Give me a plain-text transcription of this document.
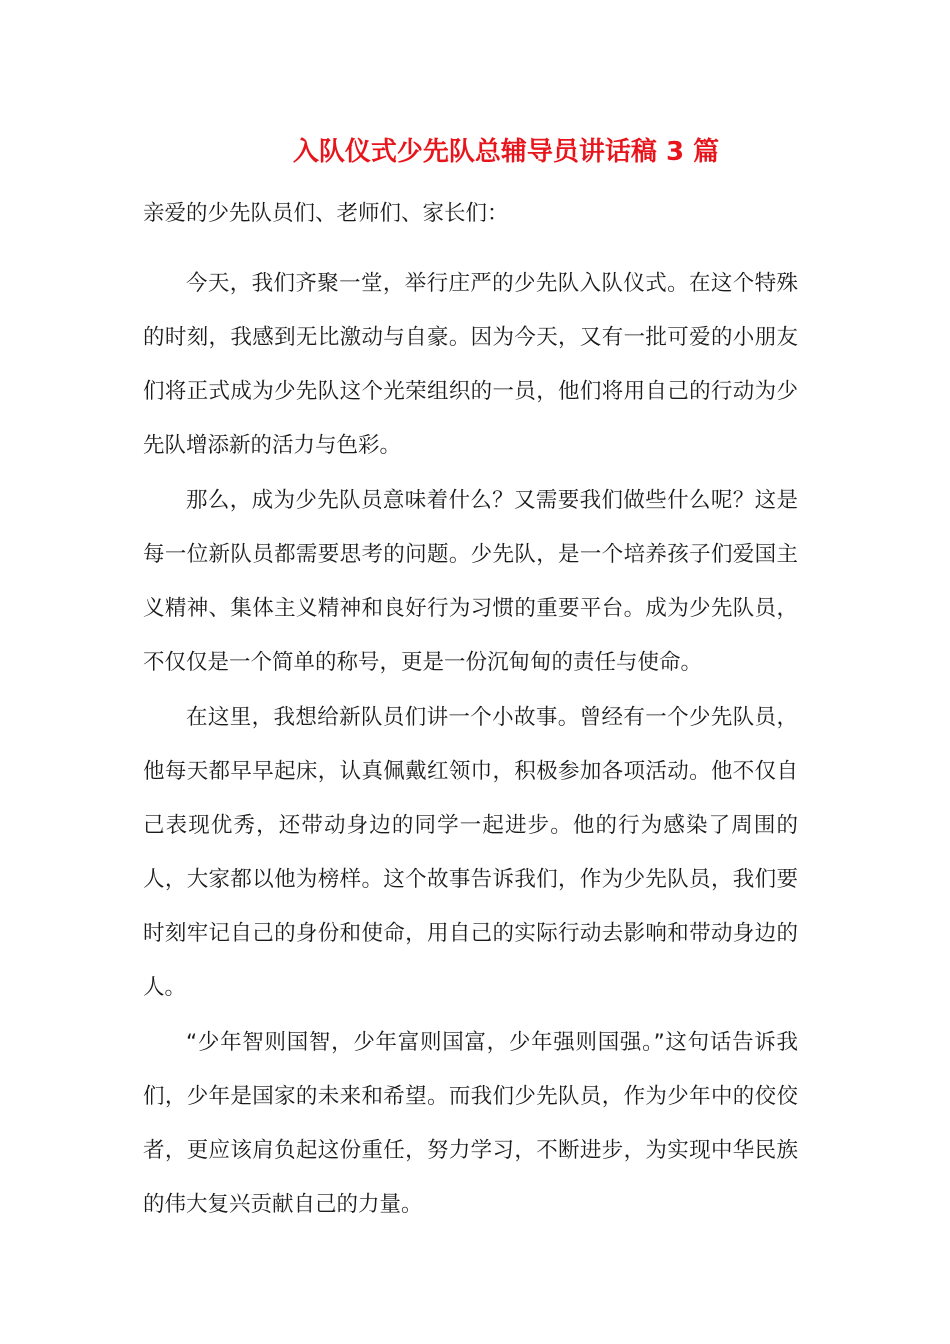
入队仪式少先队总辅导员讲话稿 3 篇

亲爱的少先队员们、老师们、家长们：

今天，我们齐聚一堂，举行庄严的少先队入队仪式。在这个特殊的时刻，我感到无比激动与自豪。因为今天，又有一批可爱的小朋友们将正式成为少先队这个光荣组织的一员，他们将用自己的行动为少先队增添新的活力与色彩。

那么，成为少先队员意味着什么？又需要我们做些什么呢？这是每一位新队员都需要思考的问题。少先队，是一个培养孩子们爱国主义精神、集体主义精神和良好行为习惯的重要平台。成为少先队员，不仅仅是一个简单的称号，更是一份沉甸甸的责任与使命。

在这里，我想给新队员们讲一个小故事。曾经有一个少先队员，他每天都早早起床，认真佩戴红领巾，积极参加各项活动。他不仅自己表现优秀，还带动身边的同学一起进步。他的行为感染了周围的人，大家都以他为榜样。这个故事告诉我们，作为少先队员，我们要时刻牢记自己的身份和使命，用自己的实际行动去影响和带动身边的人。

“少年智则国智，少年富则国富，少年强则国强。”这句话告诉我们，少年是国家的未来和希望。而我们少先队员，作为少年中的佼佼者，更应该肩负起这份重任，努力学习，不断进步，为实现中华民族的伟大复兴贡献自己的力量。
